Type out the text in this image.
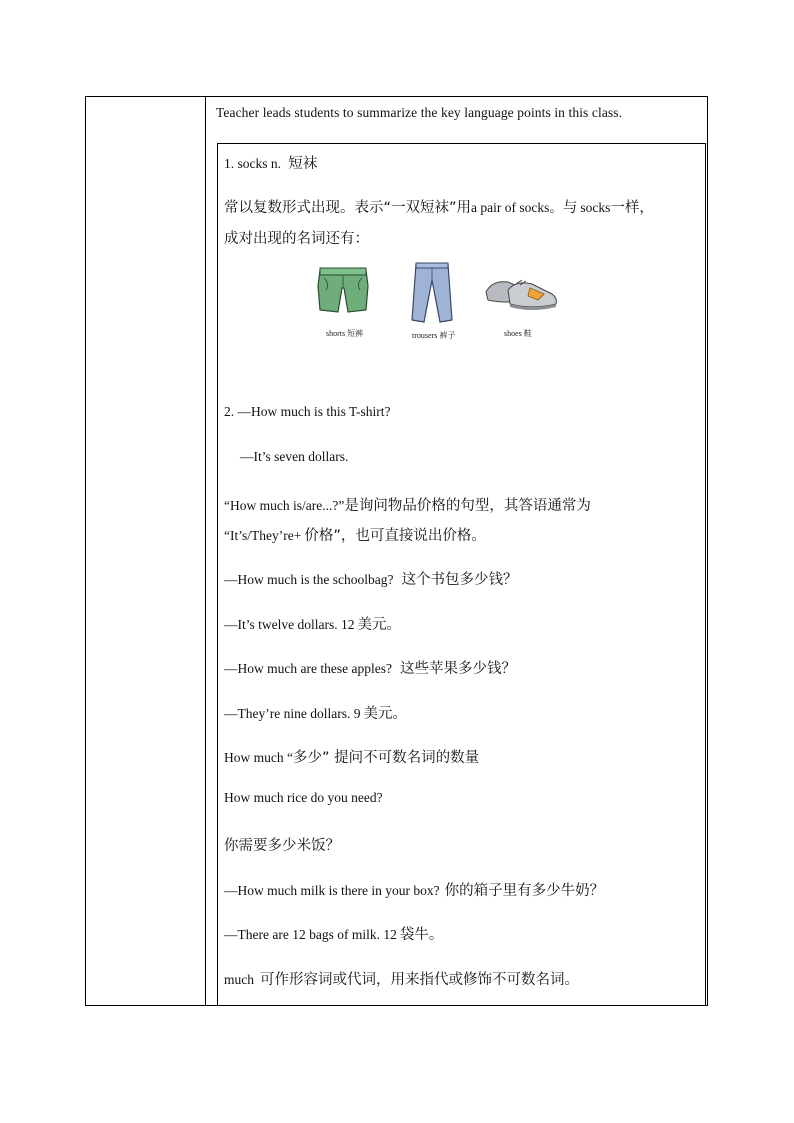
Teacher leads students to summarize the key language points in this class.
1. socks n. 短袜
常以复数形式出现。表示“一双短袜”用a pair of socks。与 socks一样，
成对出现的名词还有：
shorts 短裤	trousers 裤子	shoes 鞋
2. —How much is this T-shirt?
—It’s seven dollars.
“How much is/are...?”是询问物品价格的句型，其答语通常为
“It’s/They’re+ 价格”，也可直接说出价格。
—How much is the schoolbag? 这个书包多少钱？
—It’s twelve dollars. 12 美元。
—How much are these apples? 这些苹果多少钱？
—They’re nine dollars. 9 美元。
How much “多少” 提问不可数名词的数量
How much rice do you need?
你需要多少米饭？
—How much milk is there in your box? 你的箱子里有多少牛奶？
—There are 12 bags of milk. 12 袋牛。
much 可作形容词或代词，用来指代或修饰不可数名词。
